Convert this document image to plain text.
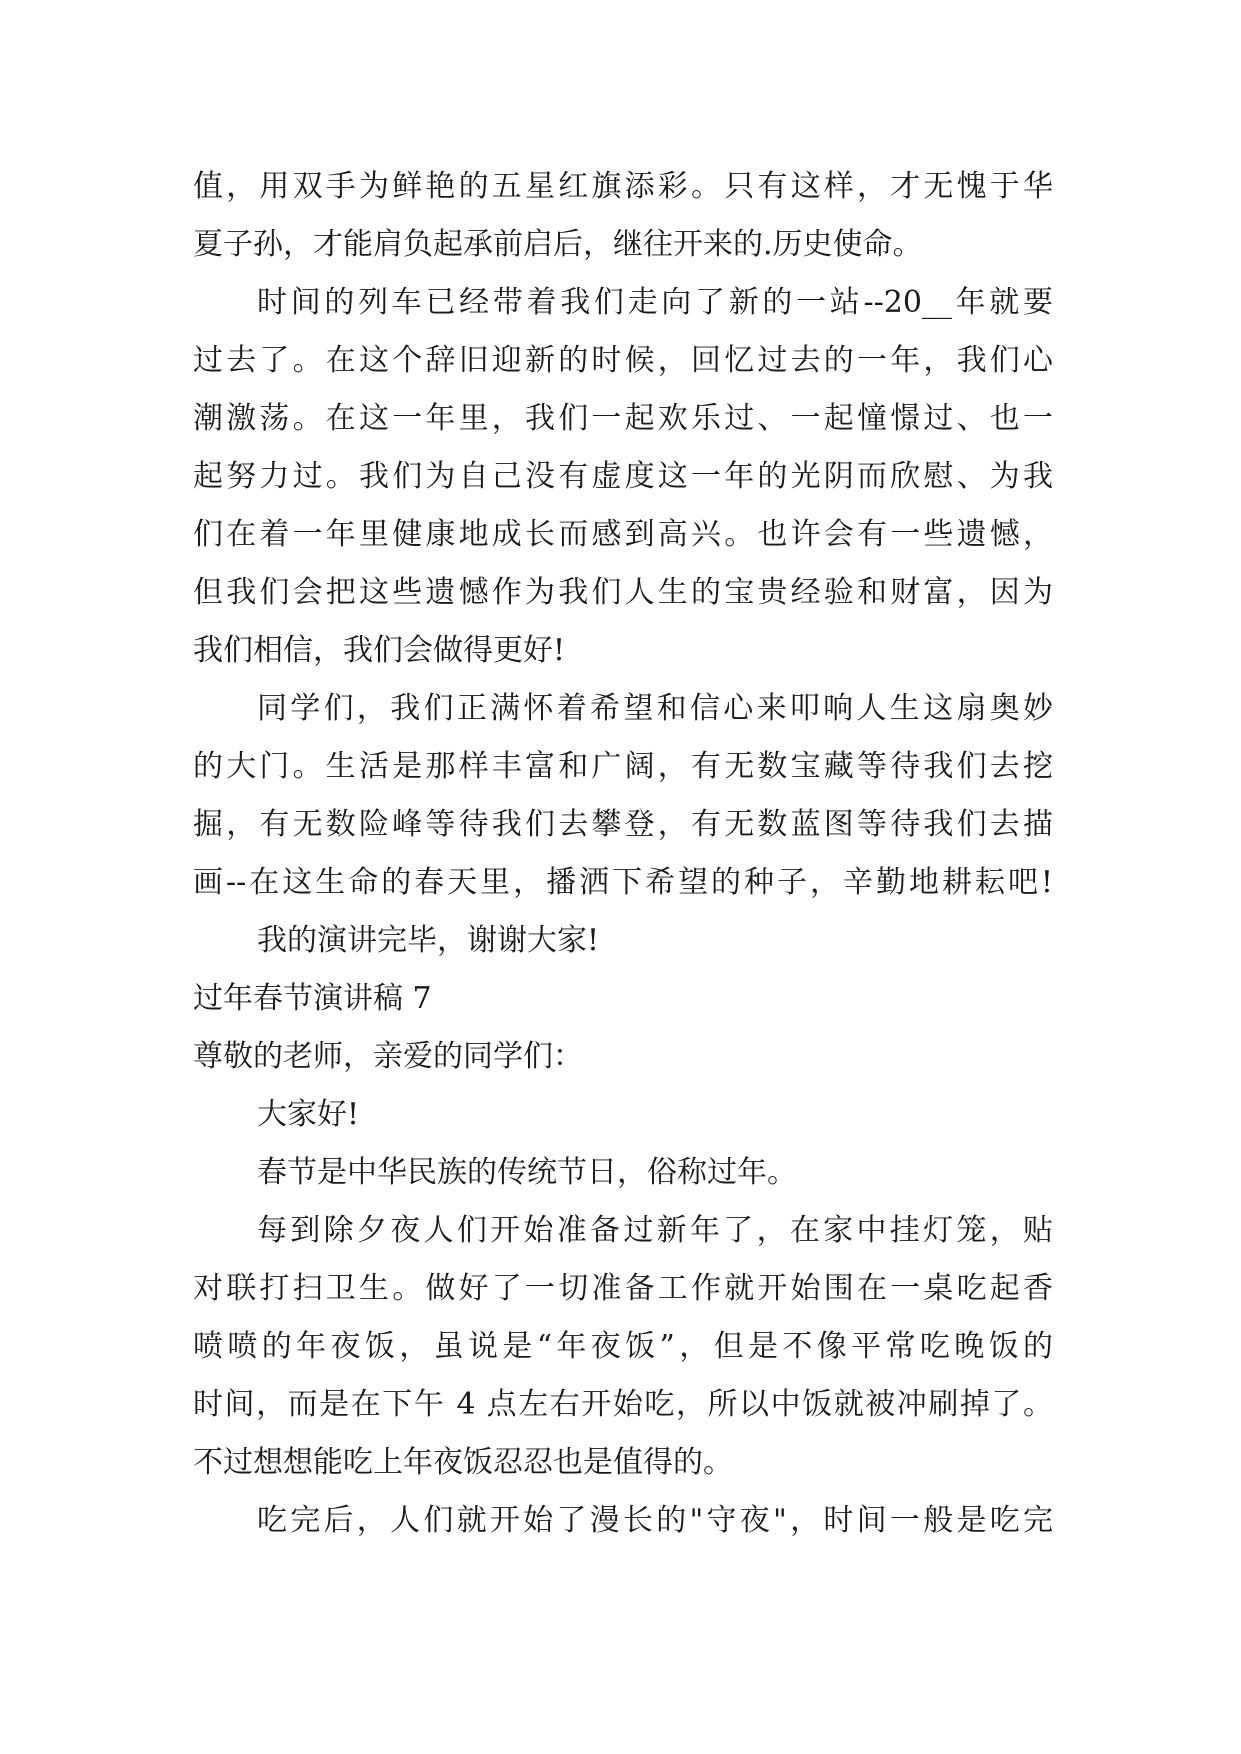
值，用双手为鲜艳的五星红旗添彩。只有这样，才无愧于华
夏子孙，才能肩负起承前启后，继往开来的.历史使命。
时间的列车已经带着我们走向了新的一站--20__年就要
过去了。在这个辞旧迎新的时候，回忆过去的一年，我们心
潮激荡。在这一年里，我们一起欢乐过、一起憧憬过、也一
起努力过。我们为自己没有虚度这一年的光阴而欣慰、为我
们在着一年里健康地成长而感到高兴。也许会有一些遗憾，
但我们会把这些遗憾作为我们人生的宝贵经验和财富，因为
我们相信，我们会做得更好!
同学们，我们正满怀着希望和信心来叩响人生这扇奥妙
的大门。生活是那样丰富和广阔，有无数宝藏等待我们去挖
掘，有无数险峰等待我们去攀登，有无数蓝图等待我们去描
画--在这生命的春天里，播洒下希望的种子，辛勤地耕耘吧!
我的演讲完毕，谢谢大家!
过年春节演讲稿 7
尊敬的老师，亲爱的同学们：
大家好!
春节是中华民族的传统节日，俗称过年。
每到除夕夜人们开始准备过新年了，在家中挂灯笼，贴
对联打扫卫生。做好了一切准备工作就开始围在一桌吃起香
喷喷的年夜饭，虽说是“年夜饭”，但是不像平常吃晚饭的
时间，而是在下午 4 点左右开始吃，所以中饭就被冲刷掉了。
不过想想能吃上年夜饭忍忍也是值得的。
吃完后，人们就开始了漫长的"守夜"，时间一般是吃完
